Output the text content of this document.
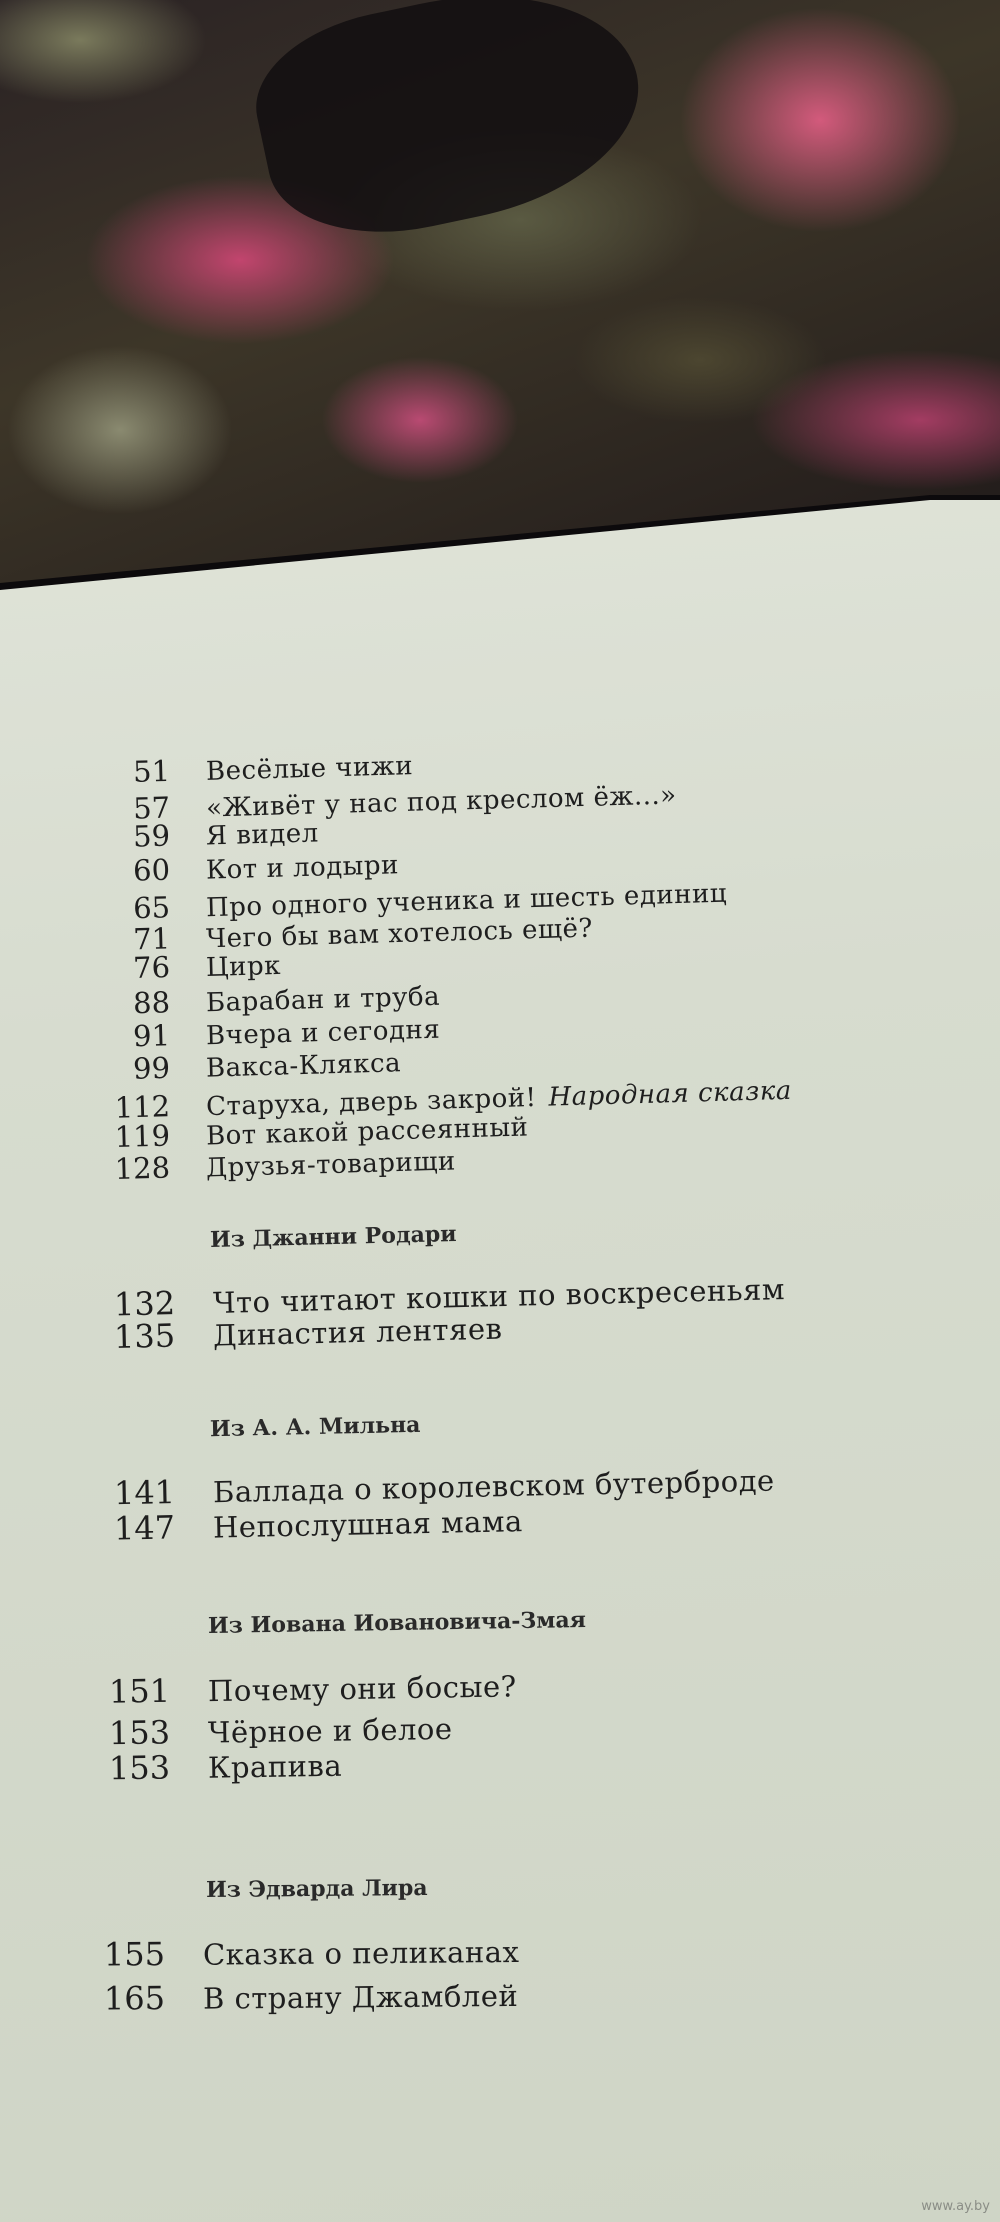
51 Весёлые чижи
57 «Живёт у нас под креслом ёж...»
59 Я видел
60 Кот и лодыри
65 Про одного ученика и шесть единиц
71 Чего бы вам хотелось ещё?
76 Цирк
88 Барабан и труба
91 Вчера и сегодня
99 Вакса-Клякса
112 Старуха, дверь закрой! Народная сказка
119 Вот какой рассеянный
128 Друзья-товарищи
Из Джанни Родари
132 Что читают кошки по воскресеньям
135 Династия лентяев
Из А. А. Мильна
141 Баллада о королевском бутерброде
147 Непослушная мама
Из Иована Иовановича-Змая
151 Почему они босые?
153 Чёрное и белое
153 Крапива
Из Эдварда Лира
155 Сказка о пеликанах
165 В страну Джамблей
www.ay.by
